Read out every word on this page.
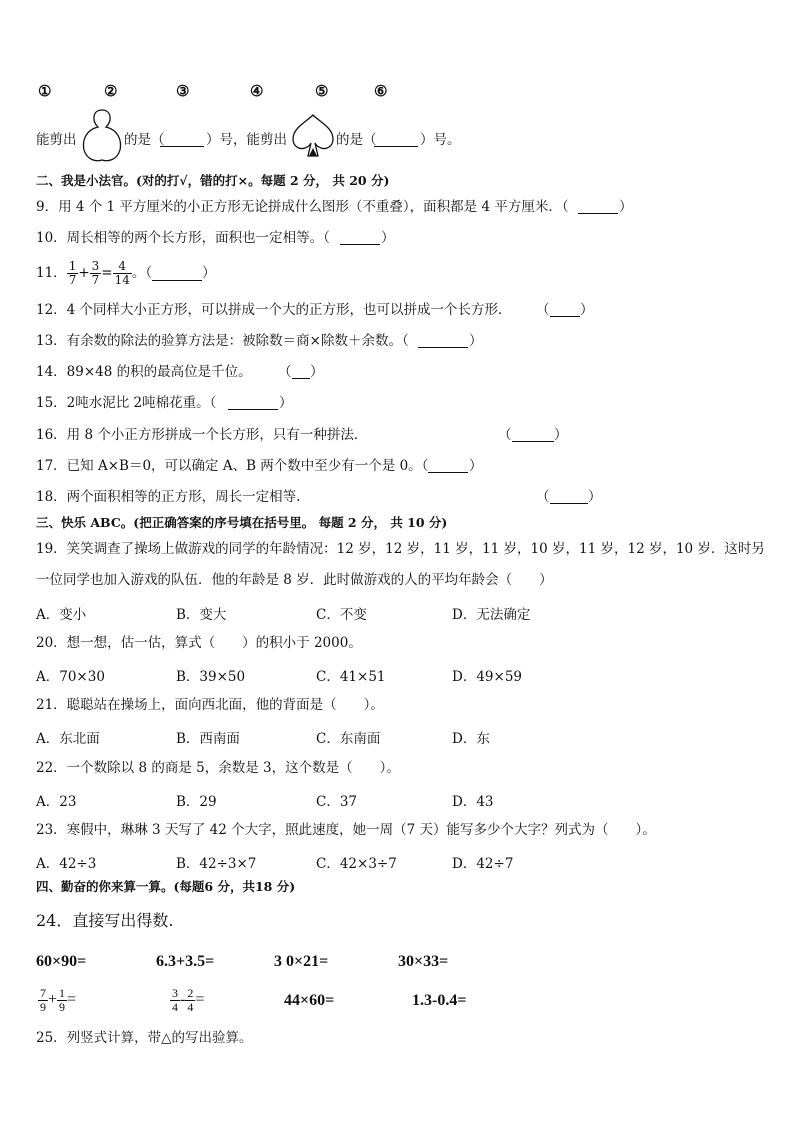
①	②	③	④	⑤	⑥
能剪出	的是（	）号，能剪出	的是（	）号。
二、我是小法官。(对的打√，错的打×。每题 2 分， 共 20 分)
9．用 4 个 1 平方厘米的小正方形无论拼成什么图形（不重叠），面积都是 4 平方厘米．（	）
10．周长相等的两个长方形，面积也一定相等。（	）
11． $\frac{1}{7} + \frac{3}{7} = \frac{4}{14}$ 。（	）
12．4 个同样大小正方形，可以拼成一个大的正方形，也可以拼成一个长方形． （ ）
13．有余数的除法的验算方法是：被除数＝商×除数＋余数。（	）
14．89×48 的积的最高位是千位。 （ ）
15．2吨水泥比 2吨棉花重。（	）
16．用 8 个小正方形拼成一个长方形，只有一种拼法．	（	）
17．已知 A×B＝0，可以确定 A、B 两个数中至少有一个是 0。（	）
18．两个面积相等的正方形，周长一定相等.	（	）
三、快乐 ABC。(把正确答案的序号填在括号里。 每题 2 分， 共 10 分)
19．笑笑调查了操场上做游戏的同学的年龄情况：12 岁，12 岁，11 岁，11 岁，10 岁，11 岁，12 岁，10 岁．这时另
一位同学也加入游戏的队伍．他的年龄是 8 岁．此时做游戏的人的平均年龄会（　　）
A．变小	B．变大	C．不变	D．无法确定
20．想一想，估一估，算式（　　）的积小于 2000。
A．70×30	B．39×50	C．41×51	D．49×59
21．聪聪站在操场上，面向西北面，他的背面是（　　）。
A．东北面	B．西南面	C．东南面	D．东
22．一个数除以 8 的商是 5，余数是 3，这个数是（　　）。
A．23	B．29	C．37	D．43
23．寒假中，琳琳 3 天写了 42 个大字，照此速度，她一周（7 天）能写多少个大字？列式为（　　）。
A．42÷3	B．42÷3×7	C．42×3÷7	D．42÷7
四、勤奋的你来算一算。(每题6 分，共18 分)
24．直接写出得数.
60×90=	6.3+3.5=	3 0×21=	30×33=
$\frac{7}{9} + \frac{1}{9}$ =	$\frac{3}{4} - \frac{2}{4}$ =	44×60=	1.3-0.4=
25．列竖式计算，带△的写出验算。
